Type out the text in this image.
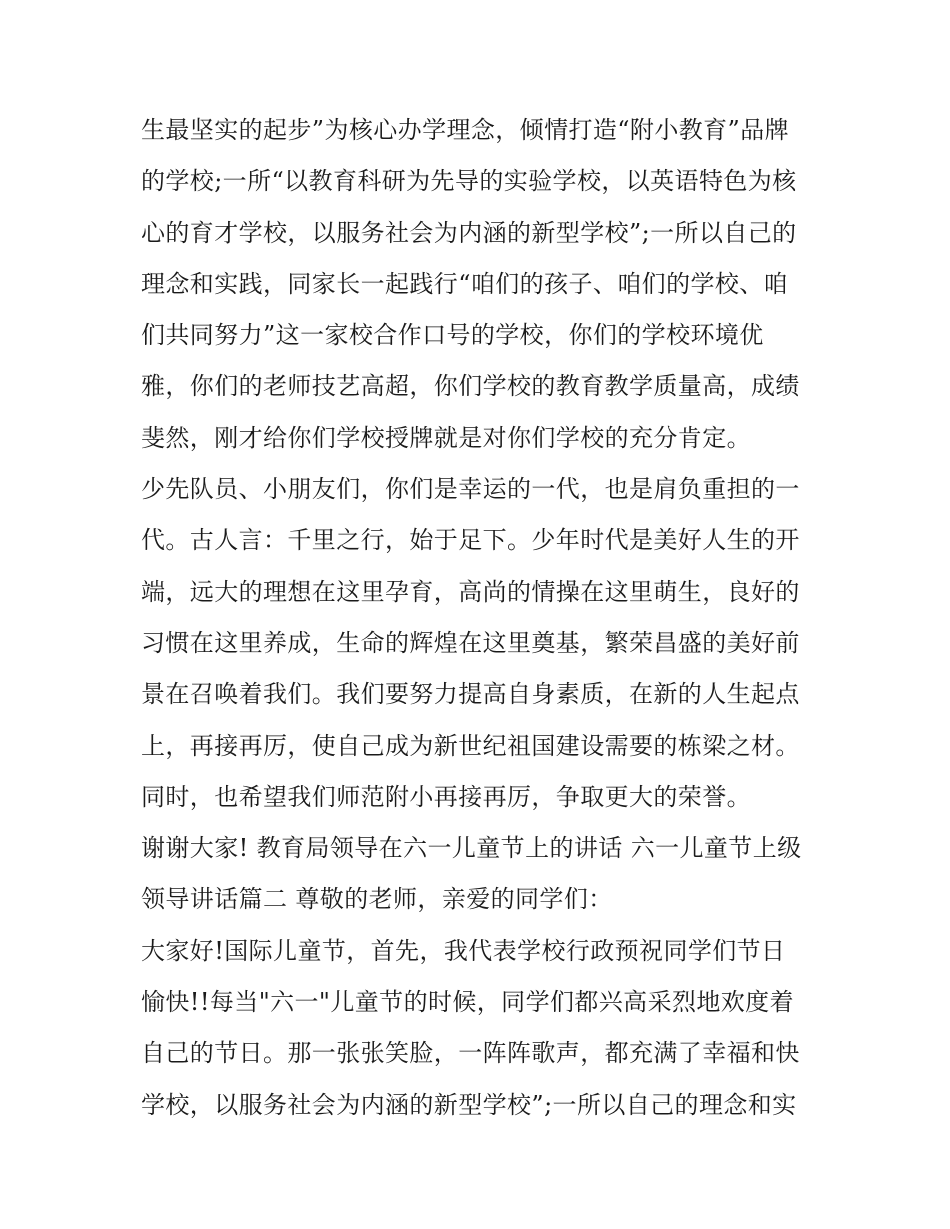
生最坚实的起步”为核心办学理念，倾情打造“附小教育”品牌
的学校;一所“以教育科研为先导的实验学校，以英语特色为核
心的育才学校，以服务社会为内涵的新型学校”;一所以自己的
理念和实践，同家长一起践行“咱们的孩子、咱们的学校、咱
们共同努力”这一家校合作口号的学校，你们的学校环境优
雅，你们的老师技艺高超，你们学校的教育教学质量高，成绩
斐然，刚才给你们学校授牌就是对你们学校的充分肯定。
少先队员、小朋友们，你们是幸运的一代，也是肩负重担的一
代。古人言：千里之行，始于足下。少年时代是美好人生的开
端，远大的理想在这里孕育，高尚的情操在这里萌生，良好的
习惯在这里养成，生命的辉煌在这里奠基，繁荣昌盛的美好前
景在召唤着我们。我们要努力提高自身素质，在新的人生起点
上，再接再厉，使自己成为新世纪祖国建设需要的栋梁之材。
同时，也希望我们师范附小再接再厉，争取更大的荣誉。
谢谢大家! 教育局领导在六一儿童节上的讲话 六一儿童节上级
领导讲话篇二 尊敬的老师，亲爱的同学们：
大家好!国际儿童节，首先，我代表学校行政预祝同学们节日
愉快!!每当"六一"儿童节的时候，同学们都兴高采烈地欢度着
自己的节日。那一张张笑脸，一阵阵歌声，都充满了幸福和快
学校，以服务社会为内涵的新型学校”;一所以自己的理念和实
